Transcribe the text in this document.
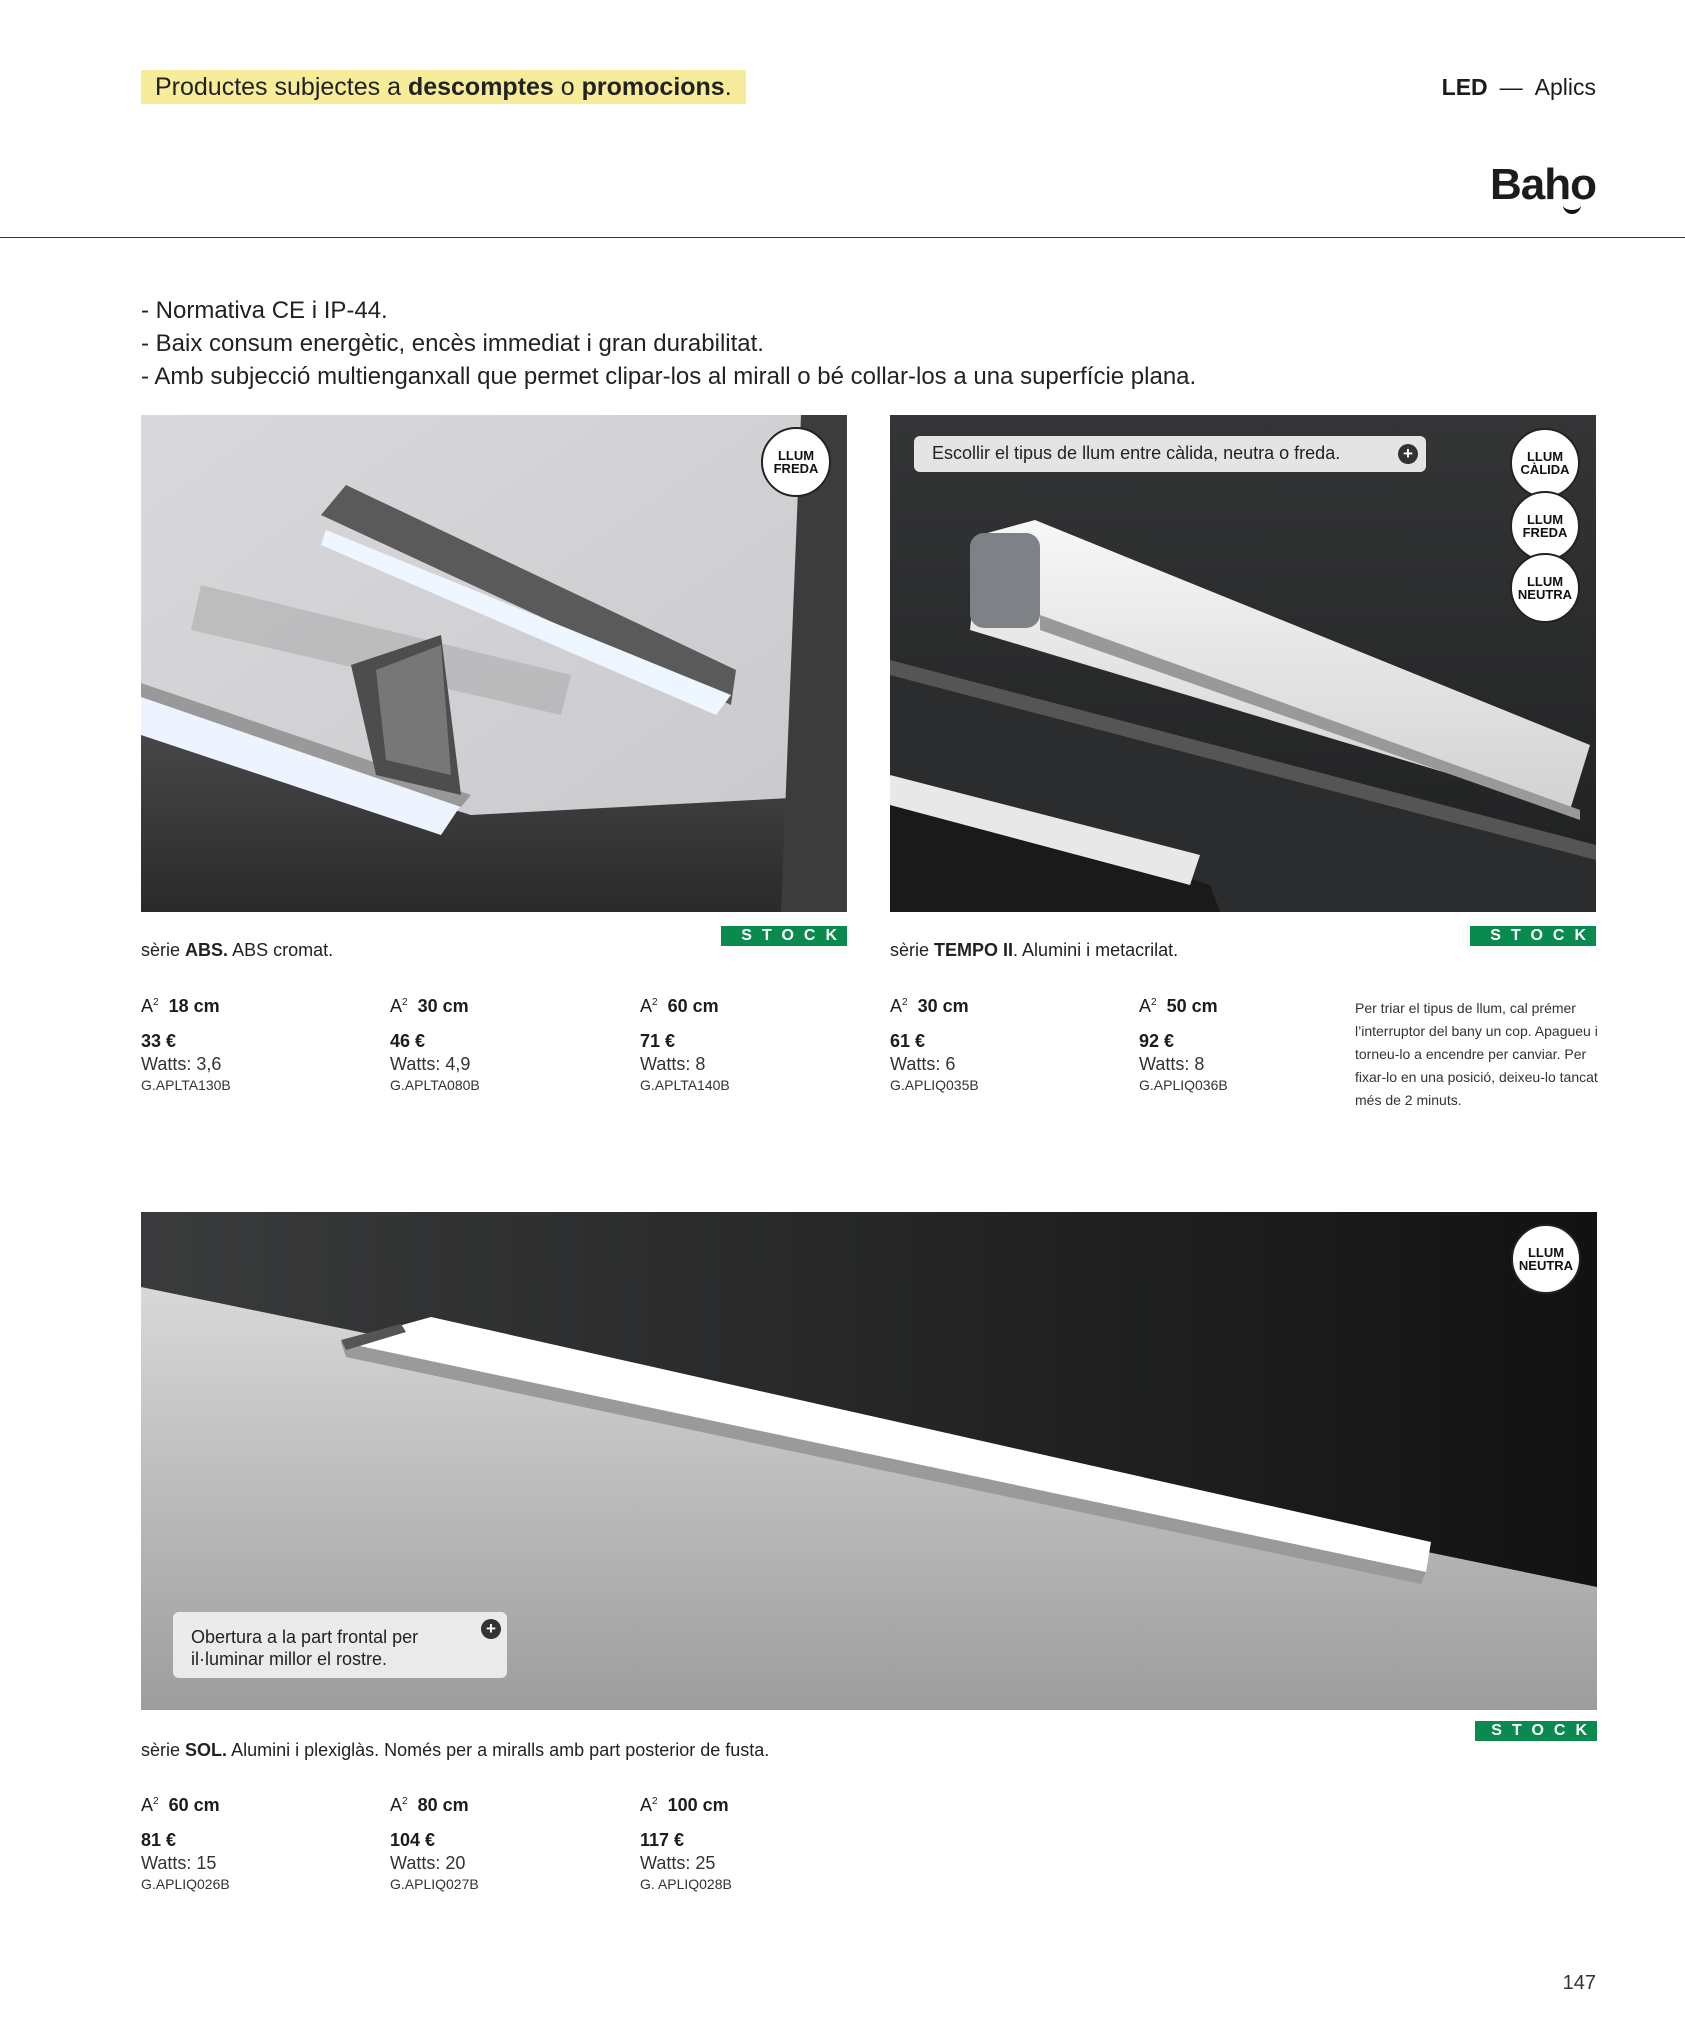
Productes subjectes a descomptes o promocions.	LED — Aplics
Baho
- Normativa CE i IP-44.
- Baix consum energètic, encès immediat i gran durabilitat.
- Amb subjecció multienganxall que permet clipar-los al mirall o bé collar-los a una superfície plana.
LLUM
FREDA
Escollir el tipus de llum entre càlida, neutra o freda.	+	LLUM
CÀLIDA
LLUM
FREDA
LLUM
NEUTRA
STOCK
sèrie ABS. ABS cromat.
$A^2$ 18 cm
33 €
Watts: 3,6
G.APLTA130B
$A^2$ 30 cm
46 €
Watts: 4,9
G.APLTA080B
$A^2$ 60 cm
71 €
Watts: 8
G.APLTA140B
STOCK
sèrie TEMPO II. Alumini i metacrilat.
$A^2$ 30 cm
61 €
Watts: 6
G.APLIQ035B
$A^2$ 50 cm
92 €
Watts: 8
G.APLIQ036B
Per triar el tipus de llum, cal prémer l’interruptor del bany un cop. Apagueu i torneu-lo a encendre per canviar. Per fixar-lo en una posició, deixeu-lo tancat més de 2 minuts.
LLUM
NEUTRA
Obertura a la part frontal per
il·luminar millor el rostre.
+
STOCK
sèrie SOL. Alumini i plexiglàs. Només per a miralls amb part posterior de fusta.
$A^2$ 60 cm
81 €
Watts: 15
G.APLIQ026B
$A^2$ 80 cm
104 €
Watts: 20
G.APLIQ027B
$A^2$ 100 cm
117 €
Watts: 25
G. APLIQ028B
147
